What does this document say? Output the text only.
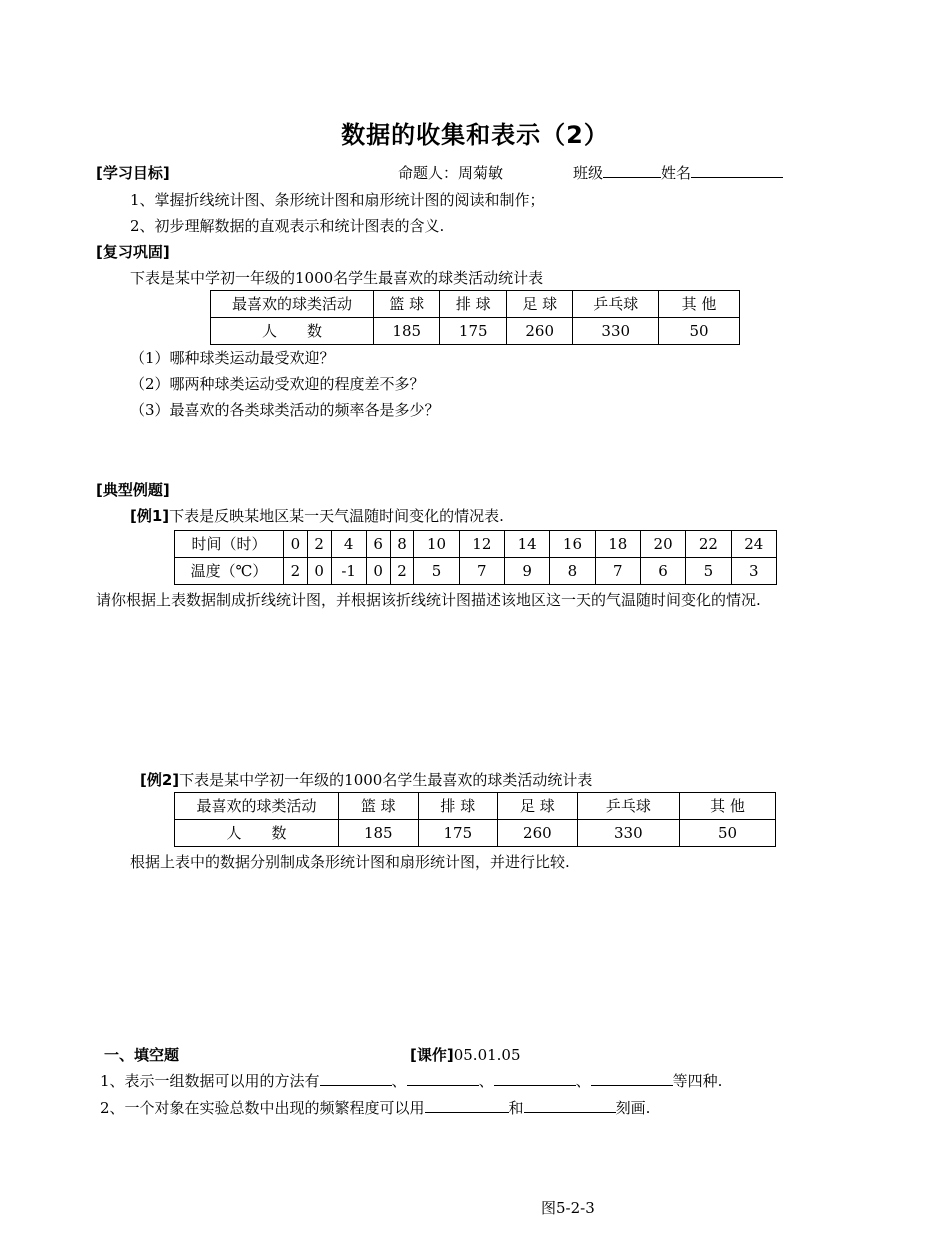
数据的收集和表示（2）
[学习目标]	命题人：周菊敏	班级	姓名
1、掌握折线统计图、条形统计图和扇形统计图的阅读和制作；
2、初步理解数据的直观表示和统计图表的含义.
[复习巩固]
下表是某中学初一年级的1000名学生最喜欢的球类活动统计表
最喜欢的球类活动	篮 球	排 球	足 球	乒乓球	其 他
人　　数	185	175	260	330	50
（1）哪种球类运动最受欢迎？
（2）哪两种球类运动受欢迎的程度差不多？
（3）最喜欢的各类球类活动的频率各是多少？
[典型例题]
[例1]下表是反映某地区某一天气温随时间变化的情况表.
时间（时）	0	2	4	6	8	10	12	14	16	18	20	22	24
温度（℃）	2	0	-1	0	2	5	7	9	8	7	6	5	3
请你根据上表数据制成折线统计图，并根据该折线统计图描述该地区这一天的气温随时间变化的情况.
[例2]下表是某中学初一年级的1000名学生最喜欢的球类活动统计表
最喜欢的球类活动	篮 球	排 球	足 球	乒乓球	其 他
人　　数	185	175	260	330	50
根据上表中的数据分别制成条形统计图和扇形统计图，并进行比较.
一、填空题	[课作]05.01.05
1、表示一组数据可以用的方法有	、	、	、	等四种.
2、一个对象在实验总数中出现的频繁程度可以用	和	刻画.
图5-2-3
